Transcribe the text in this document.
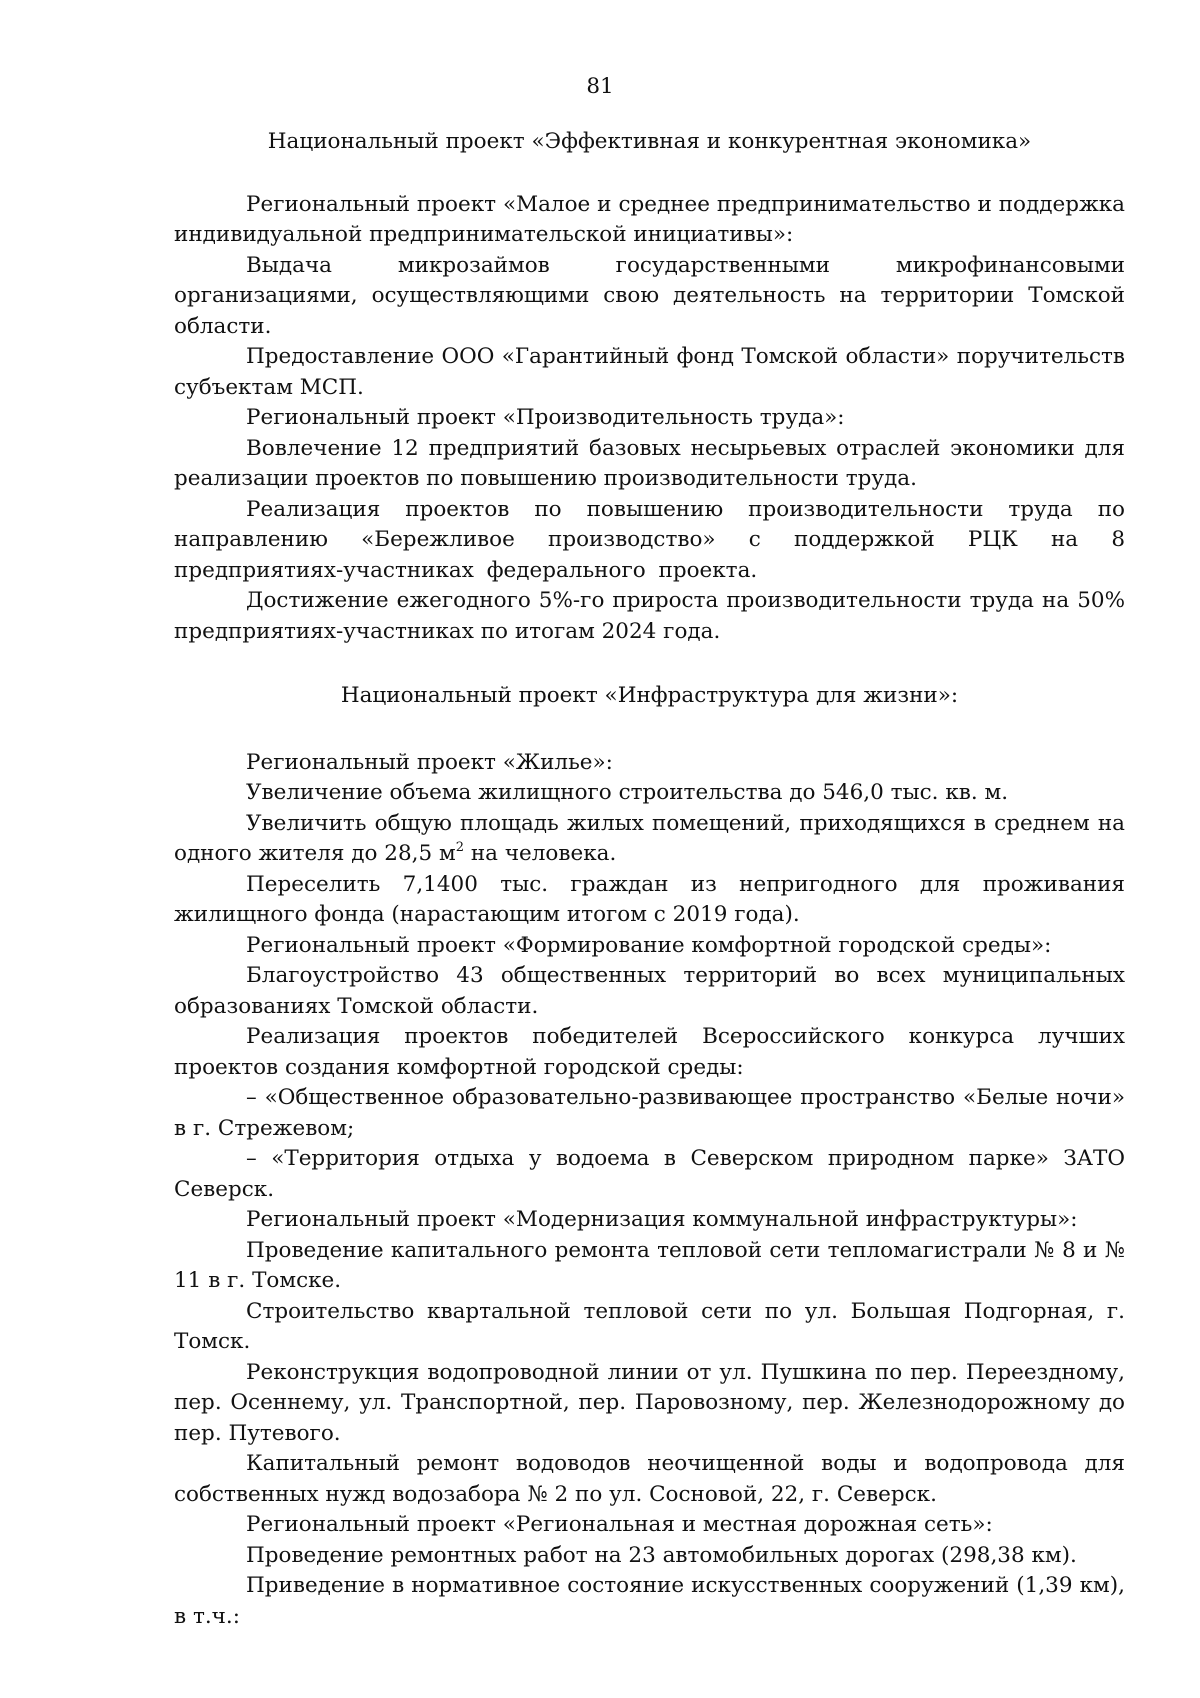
81
Национальный проект «Эффективная и конкурентная экономика»

Региональный проект «Малое и среднее предпринимательство и поддержка индивидуальной предпринимательской инициативы»:

Выдача микрозаймов государственными микрофинансовыми организациями, осуществляющими свою деятельность на территории Томской области.

Предоставление ООО «Гарантийный фонд Томской области» поручительств субъектам МСП.

Региональный проект «Производительность труда»:

Вовлечение 12 предприятий базовых несырьевых отраслей экономики для реализации проектов по повышению производительности труда.

Реализация проектов по повышению производительности труда по направлению «Бережливое производство» с поддержкой РЦК на 8 предприятиях-участниках федерального проекта.

Достижение ежегодного 5%-го прироста производительности труда на 50% предприятиях-участниках по итогам 2024 года.

Национальный проект «Инфраструктура для жизни»:

Региональный проект «Жилье»:

Увеличение объема жилищного строительства до 546,0 тыс. кв. м.

Увеличить общую площадь жилых помещений, приходящихся в среднем на одного жителя до 28,5 $м^2$ на человека.

Переселить 7,1400 тыс. граждан из непригодного для проживания жилищного фонда (нарастающим итогом с 2019 года).

Региональный проект «Формирование комфортной городской среды»:

Благоустройство 43 общественных территорий во всех муниципальных образованиях Томской области.

Реализация проектов победителей Всероссийского конкурса лучших проектов создания комфортной городской среды:

– «Общественное образовательно-развивающее пространство «Белые ночи» в г. Стрежевом;

– «Территория отдыха у водоема в Северском природном парке» ЗАТО Северск.

Региональный проект «Модернизация коммунальной инфраструктуры»:

Проведение капитального ремонта тепловой сети тепломагистрали № 8 и № 11 в г. Томске.

Строительство квартальной тепловой сети по ул. Большая Подгорная, г. Томск.

Реконструкция водопроводной линии от ул. Пушкина по пер. Переездному, пер. Осеннему, ул. Транспортной, пер. Паровозному, пер. Железнодорожному до пер. Путевого.

Капитальный ремонт водоводов неочищенной воды и водопровода для собственных нужд водозабора № 2 по ул. Сосновой, 22, г. Северск.

Региональный проект «Региональная и местная дорожная сеть»:

Проведение ремонтных работ на 23 автомобильных дорогах (298,38 км).

Приведение в нормативное состояние искусственных сооружений (1,39 км), в т.ч.:
